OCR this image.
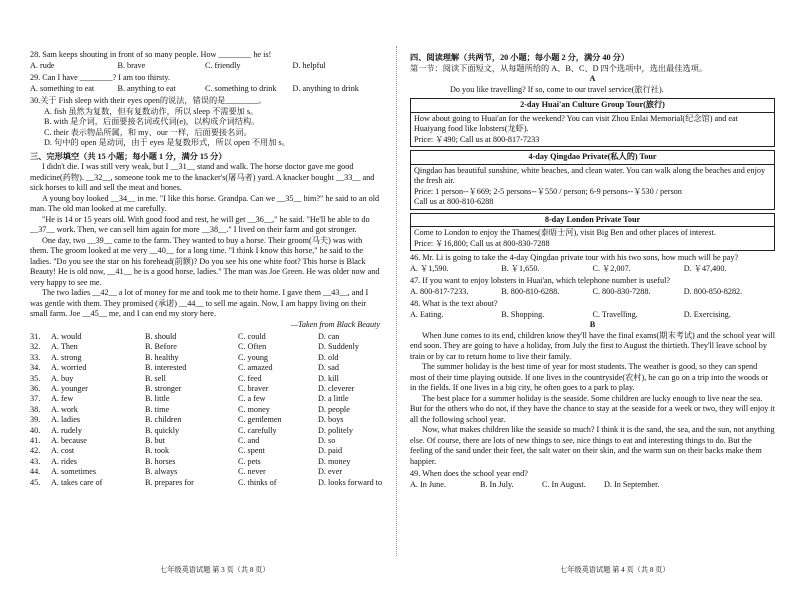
28. Sam keeps shouting in front of so many people. How ________ he is!

A. rude	B. brave	C. friendly	D. helpful

29. Can I have ________? I am too thirsty.

A. something to eat	B. anything to eat	C. something to drink	D. anything to drink

30.关于 Fish sleep with their eyes open的说法，错误的是________。

A. fish 虽然为复数，但有复数动作，所以 sleep 不需要加 s。

B. with 是介词，后面要接名词或代词(e)，以构成介词结构。

C. their 表示物品所属，和 my、our 一样，后面要接名词。

D. 句中的 open 是动词，由于 eyes 是复数形式，所以 open 不用加 s。

三、完形填空（共 15 小题；每小题 1 分，满分 15 分）

I didn't die. I was still very weak, but I __31__ stand and walk. The horse doctor gave me good medicine(药物). __32__, someone took me to the knacker's(屠马者) yard. A knacker bought __33__ and sick horses to kill and sell the meat and bones.

A young boy looked __34__ in me. "I like this horse. Grandpa. Can we __35__ him?" he said to an old man. The old man looked at me carefully.

"He is 14 or 15 years old. With good food and rest, he will get __36__," he said. "He'll be able to do __37__ work. Then, we can sell him again for more __38__." I lived on their farm and got stronger.

One day, two __39__ came to the farm. They wanted to buy a horse. Their groom(马夫) was with them. The groom looked at me very __40__ for a long time. "I think I know this horse," he said to the ladies. "Do you see the star on his forehead(前额)? Do you see his one white foot? This horse is Black Beauty! He is old now, __41__ he is a good horse, ladies." The man was Joe Green. He was older now and very happy to see me.

The two ladies __42__ a lot of money for me and took me to their home. I gave them __43__, and I was gentle with them. They promised (承诺) __44__ to sell me again. Now, I am happy living on their small farm. Joe __45__ me, and I can end my story here.

—Taken from Black Beauty

31.	A. would	B. should	C. could	D. can
32.	A. Then	B. Before	C. Often	D. Suddenly
33.	A. strong	B. healthy	C. young	D. old
34.	A. worried	B. interested	C. amazed	D. sad
35.	A. buy	B. sell	C. feed	D. kill
36.	A. younger	B. stronger	C. braver	D. cleverer
37.	A. few	B. little	C. a few	D. a little
38.	A. work	B. time	C. money	D. people
39.	A. ladies	B. children	C. gentlemen	D. boys
40.	A. rudely	B. quickly	C. carefully	D. politely
41.	A. because	B. but	C. and	D. so
42.	A. cost	B. took	C. spent	D. paid
43.	A. rides	B. horses	C. pets	D. money
44.	A. sometimes	B. always	C. never	D. ever
45.	A. takes care of	B. prepares for	C. thinks of	D. looks forward to
七年级英语试题 第 3 页（共 8 页）

四、阅读理解（共两节，20 小题；每小题 2 分，满分 40 分）

第一节：阅读下面短文，从每题所给的 A、B、C、D 四个选项中，选出最佳选项。

A

Do you like travelling? If so, come to our travel service(旅行社).

2-day Huai'an Culture Group Tour(旅行)

How about going to Huai'an for the weekend? You can visit Zhou Enlai Memorial(纪念馆) and eat Huaiyang food like lobsters(龙虾).

Price: ￥490; Call us at 800-817-7233

4-day Qingdao Private(私人的) Tour

Qingdao has beautiful sunshine, white beaches, and clean water. You can walk along the beaches and enjoy the fresh air.

Price: 1 person--￥669; 2-5 persons--￥550 / person; 6-9 persons--￥530 / person

Call us at 800-810-6288

8-day London Private Tour

Come to London to enjoy the Thames(泰晤士河), visit Big Ben and other places of interest.

Price: ￥16,800; Call us at 800-830-7288

46. Mr. Li is going to take the 4-day Qingdao private tour with his two sons, how much will he pay?

A. ￥1,590.	B. ￥1,650.	C. ￥2,007.	D. ￥47,400.

47. If you want to enjoy lobsters in Huai'an, which telephone number is useful?

A. 800-817-7233.	B. 800-810-6288.	C. 800-830-7288.	D. 800-850-8282.

48. What is the text about?

A. Eating.	B. Shopping.	C. Travelling.	D. Exercising.

B

When June comes to its end, children know they'll have the final exams(期末考试) and the school year will end soon. They are going to have a holiday, from July the first to August the thirtieth. They'll leave school by train or by car to return home to live their family.

The summer holiday is the best time of year for most students. The weather is good, so they can spend most of their time playing outside. If one lives in the countryside(农村), he can go on a trip into the woods or in the fields. If one lives in a big city, he often goes to a park to play.

The best place for a summer holiday is the seaside. Some children are lucky enough to live near the sea. But for the others who do not, if they have the chance to stay at the seaside for a week or two, they will enjoy it all the following school year.

Now, what makes children like the seaside so much? I think it is the sand, the sea, and the sun, not anything else. Of course, there are lots of new things to see, nice things to eat and interesting things to do. But the feeling of the sand under their feet, the salt water on their skin, and the warm sun on their backs make them happier.

49. When does the school year end?

A. In June.	B. In July.	C. In August.	D. In September.
七年级英语试题 第 4 页（共 8 页）
